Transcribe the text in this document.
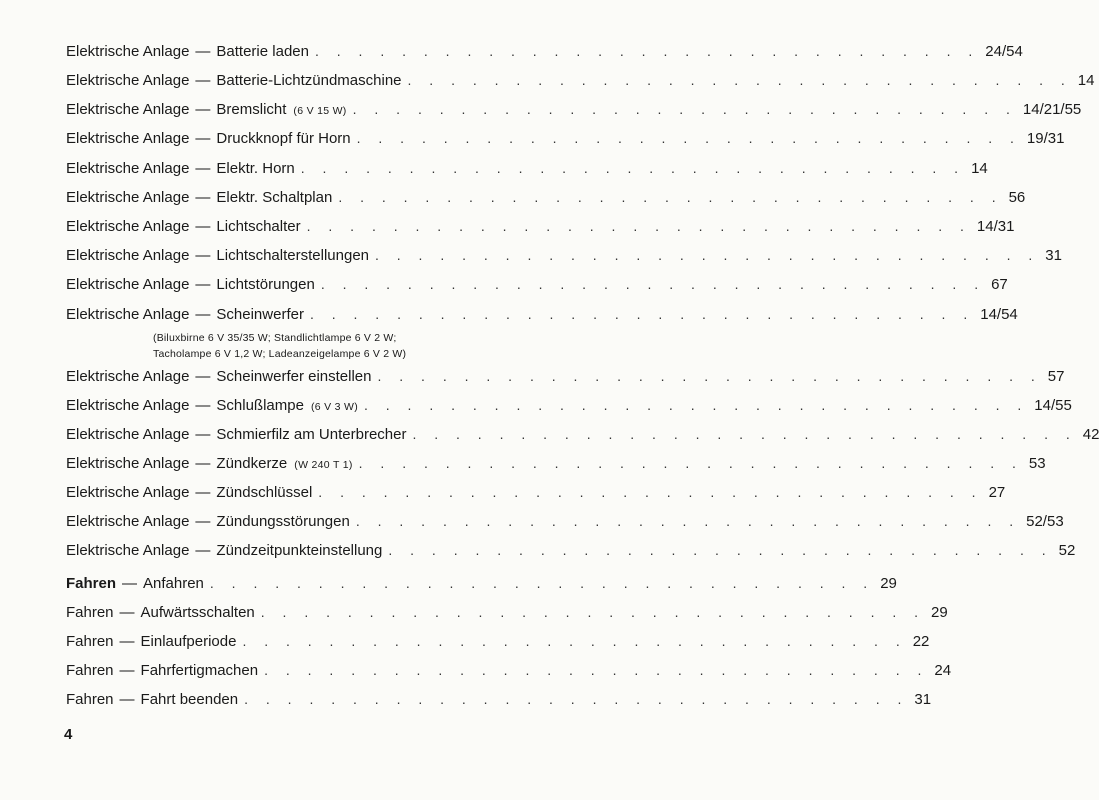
Elektrische Anlage — Batterie laden . . . . . . . . . . . . . . . . . . . . . . . . . . . . . . . 24/54
Elektrische Anlage — Batterie-Lichtzündmaschine . . . . . . . . . . . . . . . . . . . . . . . . . . . . . . . 14
Elektrische Anlage — Bremslicht (6 V 15 W) . . . . . . . . . . . . . . . . . . . . . . . . . . . . . . . 14/21/55
Elektrische Anlage — Druckknopf für Horn . . . . . . . . . . . . . . . . . . . . . . . . . . . . . . . 19/31
Elektrische Anlage — Elektr. Horn . . . . . . . . . . . . . . . . . . . . . . . . . . . . . . . 14
Elektrische Anlage — Elektr. Schaltplan . . . . . . . . . . . . . . . . . . . . . . . . . . . . . . . 56
Elektrische Anlage — Lichtschalter . . . . . . . . . . . . . . . . . . . . . . . . . . . . . . . 14/31
Elektrische Anlage — Lichtschalterstellungen . . . . . . . . . . . . . . . . . . . . . . . . . . . . . . . 31
Elektrische Anlage — Lichtstörungen . . . . . . . . . . . . . . . . . . . . . . . . . . . . . . . 67
Elektrische Anlage — Scheinwerfer . . . . . . . . . . . . . . . . . . . . . . . . . . . . . . . 14/54
Elektrische Anlage — Scheinwerfer einstellen . . . . . . . . . . . . . . . . . . . . . . . . . . . . . . . 57
Elektrische Anlage — Schlußlampe (6 V 3 W) . . . . . . . . . . . . . . . . . . . . . . . . . . . . . . . 14/55
Elektrische Anlage — Schmierfilz am Unterbrecher . . . . . . . . . . . . . . . . . . . . . . . . . . . . . . . 42
Elektrische Anlage — Zündkerze (W 240 T 1) . . . . . . . . . . . . . . . . . . . . . . . . . . . . . . . 53
Elektrische Anlage — Zündschlüssel . . . . . . . . . . . . . . . . . . . . . . . . . . . . . . . 27
Elektrische Anlage — Zündungsstörungen . . . . . . . . . . . . . . . . . . . . . . . . . . . . . . . 52/53
Elektrische Anlage — Zündzeitpunkteinstellung . . . . . . . . . . . . . . . . . . . . . . . . . . . . . . . 52
Fahren — Anfahren . . . . . . . . . . . . . . . . . . . . . . . . . . . . . . . 29
Fahren — Aufwärtsschalten . . . . . . . . . . . . . . . . . . . . . . . . . . . . . . . 29
Fahren — Einlaufperiode . . . . . . . . . . . . . . . . . . . . . . . . . . . . . . . 22
Fahren — Fahrfertigmachen . . . . . . . . . . . . . . . . . . . . . . . . . . . . . . . 24
Fahren — Fahrt beenden . . . . . . . . . . . . . . . . . . . . . . . . . . . . . . . 31
(Biluxbirne 6 V 35/35 W; Standlichtlampe 6 V 2 W;
Tacholampe 6 V 1,2 W; Ladeanzeigelampe 6 V 2 W)
4
